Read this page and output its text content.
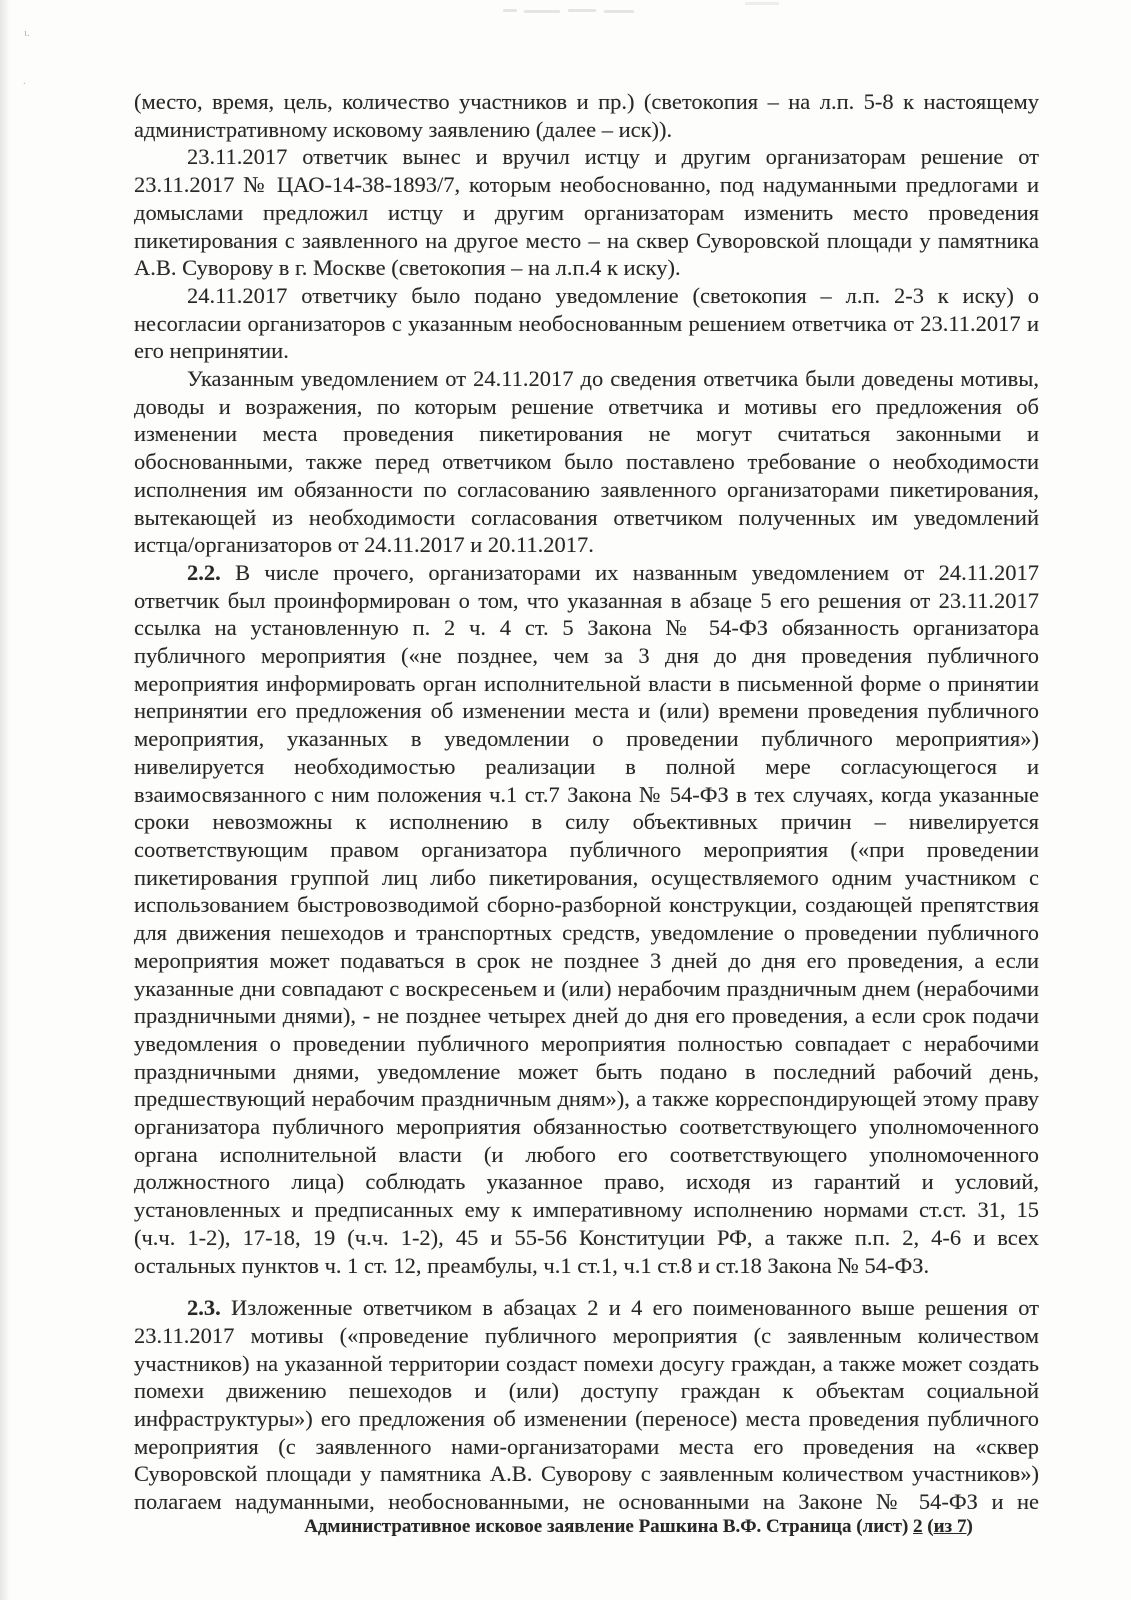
ι.
.
(место, время, цель, количество участников и пр.) (светокопия – на л.п. 5-8 к настоящему
административному исковому заявлению (далее – иск)).
23.11.2017 ответчик вынес и вручил истцу и другим организаторам решение от
23.11.2017 № ЦАО-14-38-1893/7, которым необоснованно, под надуманными предлогами и
домыслами предложил истцу и другим организаторам изменить место проведения
пикетирования с заявленного на другое место – на сквер Суворовской площади у памятника
А.В. Суворову в г. Москве (светокопия – на л.п.4 к иску).
24.11.2017 ответчику было подано уведомление (светокопия – л.п. 2-3 к иску) о
несогласии организаторов с указанным необоснованным решением ответчика от 23.11.2017 и
его непринятии.
Указанным уведомлением от 24.11.2017 до сведения ответчика были доведены мотивы,
доводы и возражения, по которым решение ответчика и мотивы его предложения об
изменении места проведения пикетирования не могут считаться законными и
обоснованными, также перед ответчиком было поставлено требование о необходимости
исполнения им обязанности по согласованию заявленного организаторами пикетирования,
вытекающей из необходимости согласования ответчиком полученных им уведомлений
истца/организаторов от 24.11.2017 и 20.11.2017.
2.2. В числе прочего, организаторами их названным уведомлением от 24.11.2017
ответчик был проинформирован о том, что указанная в абзаце 5 его решения от 23.11.2017
ссылка на установленную п. 2 ч. 4 ст. 5 Закона № 54-ФЗ обязанность организатора
публичного мероприятия («не позднее, чем за 3 дня до дня проведения публичного
мероприятия информировать орган исполнительной власти в письменной форме о принятии
непринятии его предложения об изменении места и (или) времени проведения публичного
мероприятия, указанных в уведомлении о проведении публичного мероприятия»)
нивелируется необходимостью реализации в полной мере согласующегося и
взаимосвязанного с ним положения ч.1 ст.7 Закона № 54-ФЗ в тех случаях, когда указанные
сроки невозможны к исполнению в силу объективных причин – нивелируется
соответствующим правом организатора публичного мероприятия («при проведении
пикетирования группой лиц либо пикетирования, осуществляемого одним участником с
использованием быстровозводимой сборно-разборной конструкции, создающей препятствия
для движения пешеходов и транспортных средств, уведомление о проведении публичного
мероприятия может подаваться в срок не позднее 3 дней до дня его проведения, а если
указанные дни совпадают с воскресеньем и (или) нерабочим праздничным днем (нерабочими
праздничными днями), - не позднее четырех дней до дня его проведения, а если срок подачи
уведомления о проведении публичного мероприятия полностью совпадает с нерабочими
праздничными днями, уведомление может быть подано в последний рабочий день,
предшествующий нерабочим праздничным дням»), а также корреспондирующей этому праву
организатора публичного мероприятия обязанностью соответствующего уполномоченного
органа исполнительной власти (и любого его соответствующего уполномоченного
должностного лица) соблюдать указанное право, исходя из гарантий и условий,
установленных и предписанных ему к императивному исполнению нормами ст.ст. 31, 15
(ч.ч. 1-2), 17-18, 19 (ч.ч. 1-2), 45 и 55-56 Конституции РФ, а также п.п. 2, 4-6 и всех
остальных пунктов ч. 1 ст. 12, преамбулы, ч.1 ст.1, ч.1 ст.8 и ст.18 Закона № 54-ФЗ.
2.3. Изложенные ответчиком в абзацах 2 и 4 его поименованного выше решения от
23.11.2017 мотивы («проведение публичного мероприятия (с заявленным количеством
участников) на указанной территории создаст помехи досугу граждан, а также может создать
помехи движению пешеходов и (или) доступу граждан к объектам социальной
инфраструктуры») его предложения об изменении (переносе) места проведения публичного
мероприятия (с заявленного нами-организаторами места его проведения на «сквер
Суворовской площади у памятника А.В. Суворову с заявленным количеством участников»)
полагаем надуманными, необоснованными, не основанными на Законе № 54-ФЗ и не
Административное исковое заявление Рашкина В.Ф. Страница (лист) 2 (из 7)
